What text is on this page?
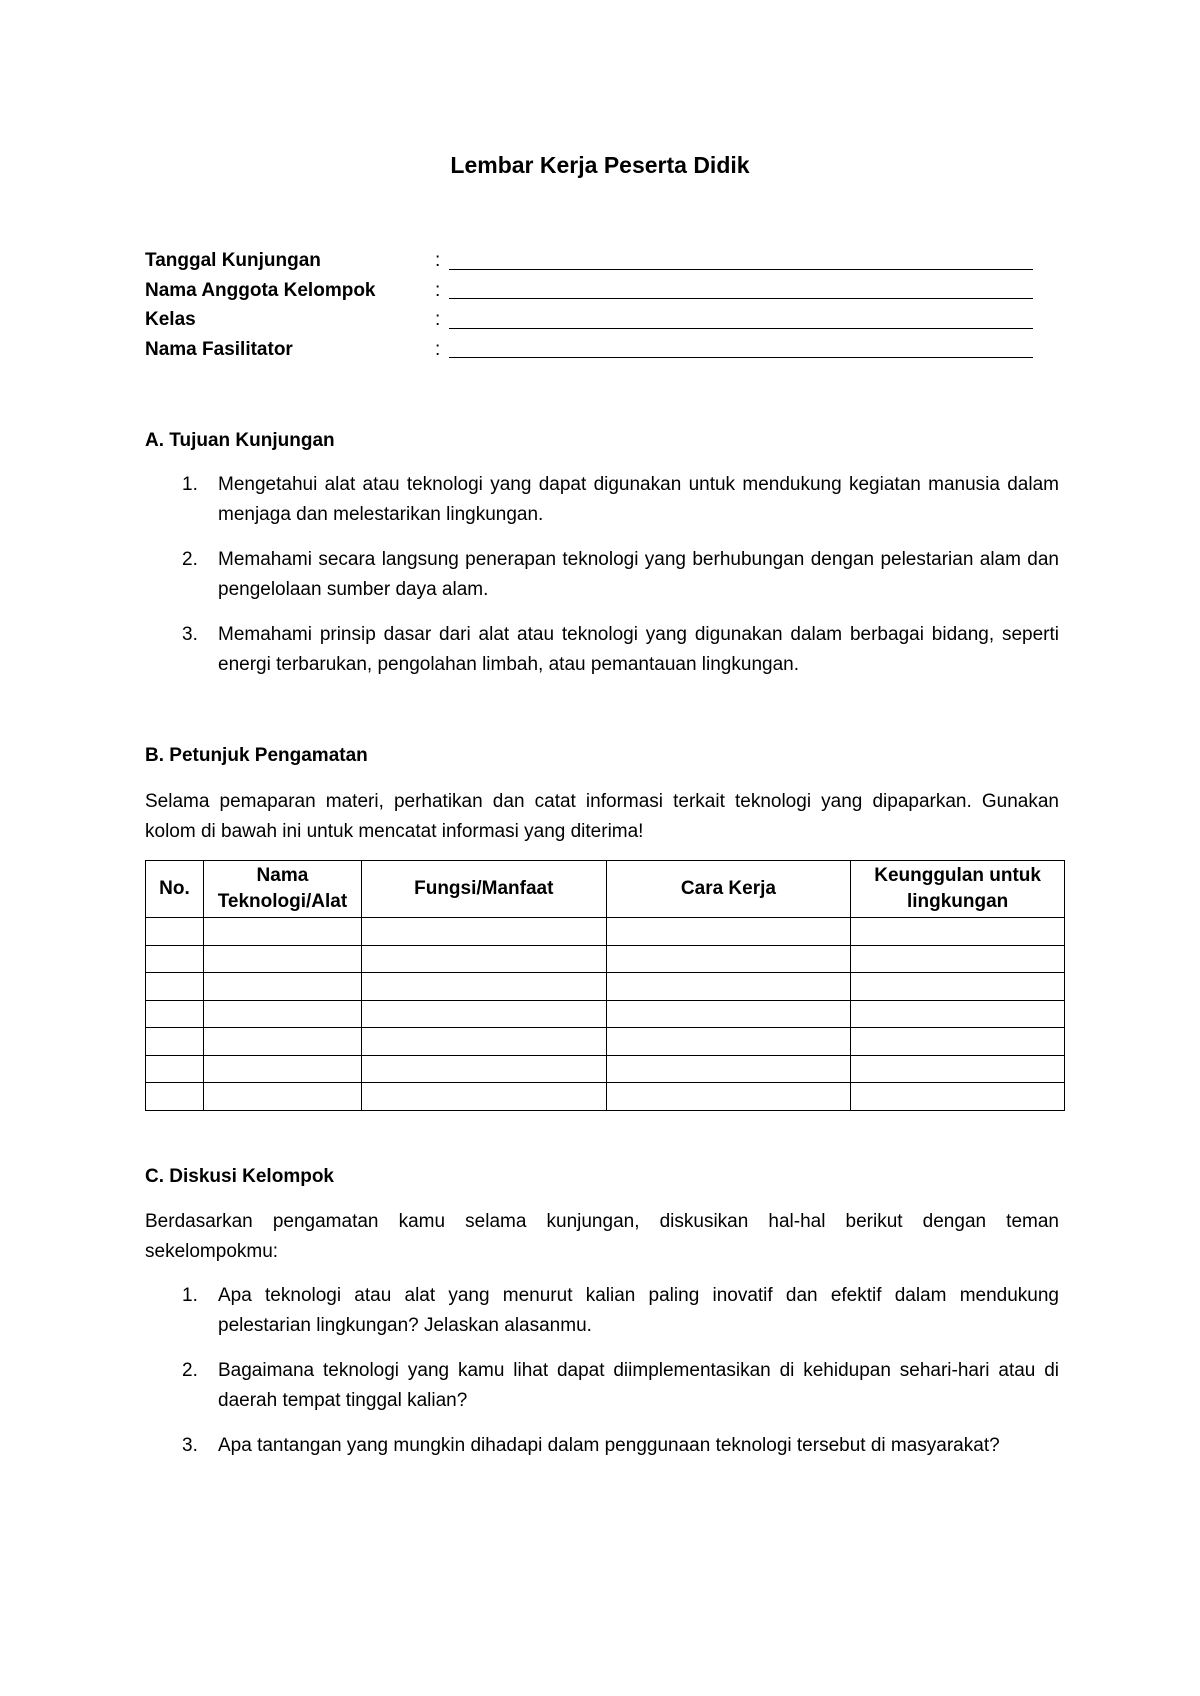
Lembar Kerja Peserta Didik
Tanggal Kunjungan	:
Nama Anggota Kelompok	:
Kelas	:
Nama Fasilitator	:
A. Tujuan Kunjungan
1. Mengetahui alat atau teknologi yang dapat digunakan untuk mendukung kegiatan manusia dalam menjaga dan melestarikan lingkungan.
2. Memahami secara langsung penerapan teknologi yang berhubungan dengan pelestarian alam dan pengelolaan sumber daya alam.
3. Memahami prinsip dasar dari alat atau teknologi yang digunakan dalam berbagai bidang, seperti energi terbarukan, pengolahan limbah, atau pemantauan lingkungan.
B. Petunjuk Pengamatan
Selama pemaparan materi, perhatikan dan catat informasi terkait teknologi yang dipaparkan. Gunakan kolom di bawah ini untuk mencatat informasi yang diterima!
No.	Nama Teknologi/Alat	Fungsi/Manfaat	Cara Kerja	Keunggulan untuk lingkungan

C. Diskusi Kelompok
Berdasarkan pengamatan kamu selama kunjungan, diskusikan hal-hal berikut dengan teman sekelompokmu:
1. Apa teknologi atau alat yang menurut kalian paling inovatif dan efektif dalam mendukung pelestarian lingkungan? Jelaskan alasanmu.
2. Bagaimana teknologi yang kamu lihat dapat diimplementasikan di kehidupan sehari-hari atau di daerah tempat tinggal kalian?
3. Apa tantangan yang mungkin dihadapi dalam penggunaan teknologi tersebut di masyarakat?
